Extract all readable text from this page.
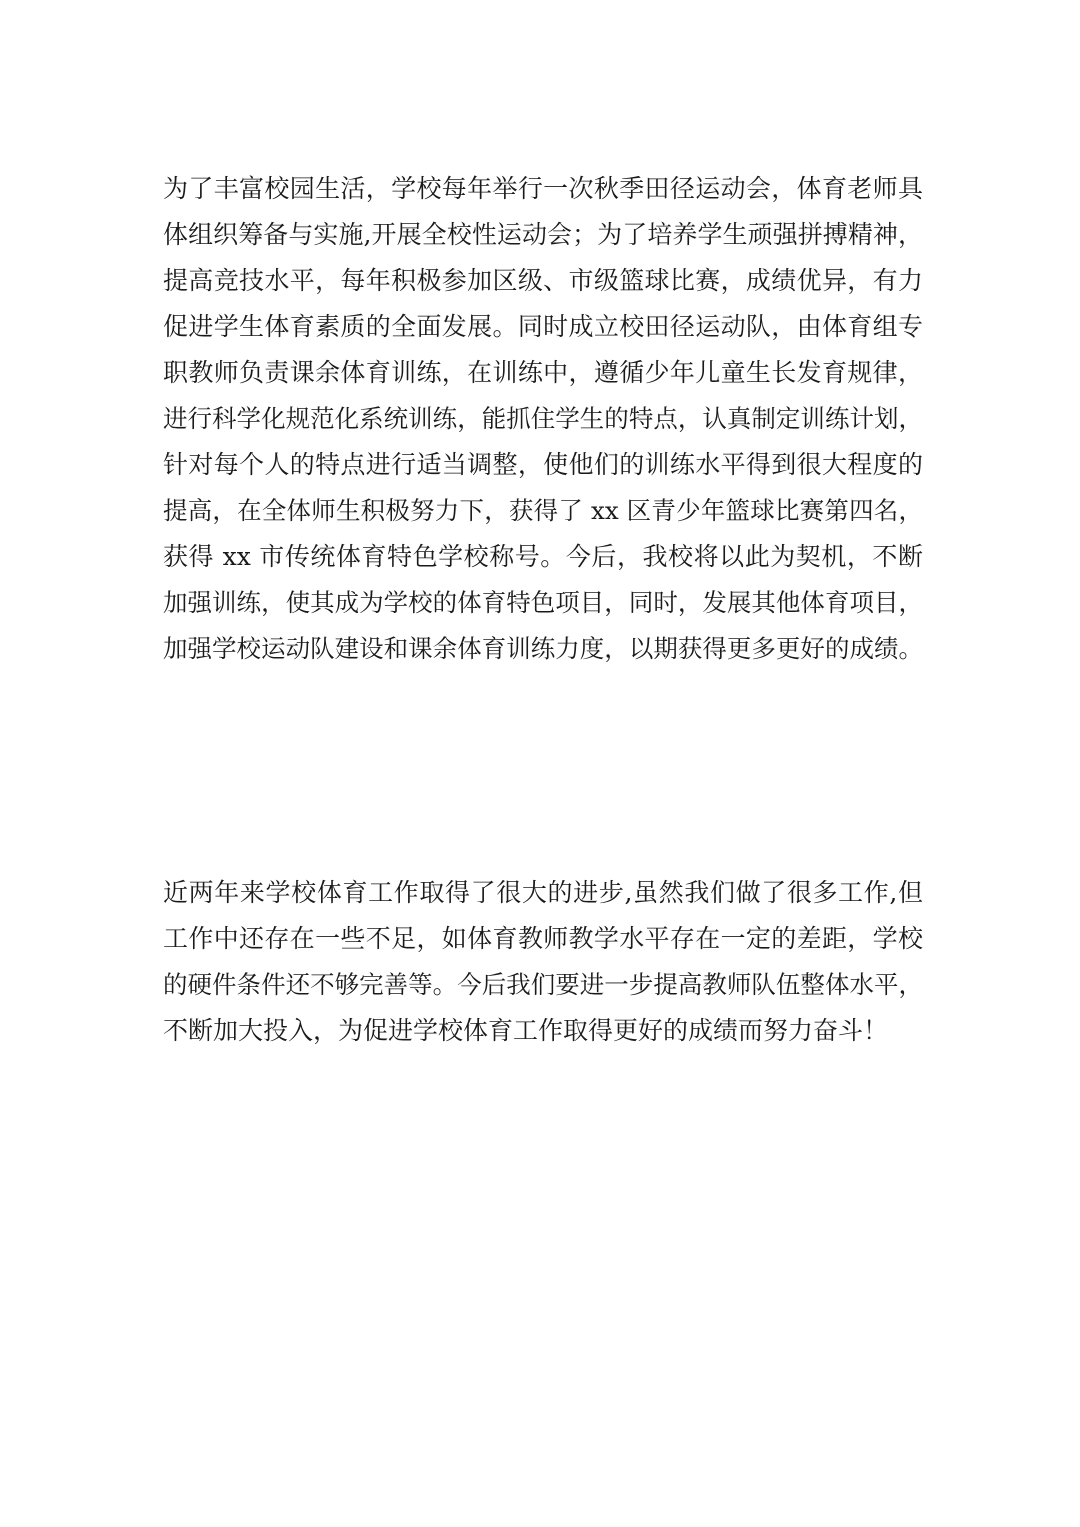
为了丰富校园生活，学校每年举行一次秋季田径运动会，体育老师具
体组织筹备与实施,开展全校性运动会；为了培养学生顽强拼搏精神，
提高竞技水平，每年积极参加区级、市级篮球比赛，成绩优异，有力
促进学生体育素质的全面发展。同时成立校田径运动队，由体育组专
职教师负责课余体育训练，在训练中，遵循少年儿童生长发育规律，
进行科学化规范化系统训练，能抓住学生的特点，认真制定训练计划，
针对每个人的特点进行适当调整，使他们的训练水平得到很大程度的
提高，在全体师生积极努力下，获得了 xx 区青少年篮球比赛第四名，
获得 xx 市传统体育特色学校称号。今后，我校将以此为契机，不断
加强训练，使其成为学校的体育特色项目，同时，发展其他体育项目，
加强学校运动队建设和课余体育训练力度，以期获得更多更好的成绩。
近两年来学校体育工作取得了很大的进步,虽然我们做了很多工作,但
工作中还存在一些不足，如体育教师教学水平存在一定的差距，学校
的硬件条件还不够完善等。今后我们要进一步提高教师队伍整体水平，
不断加大投入，为促进学校体育工作取得更好的成绩而努力奋斗！
